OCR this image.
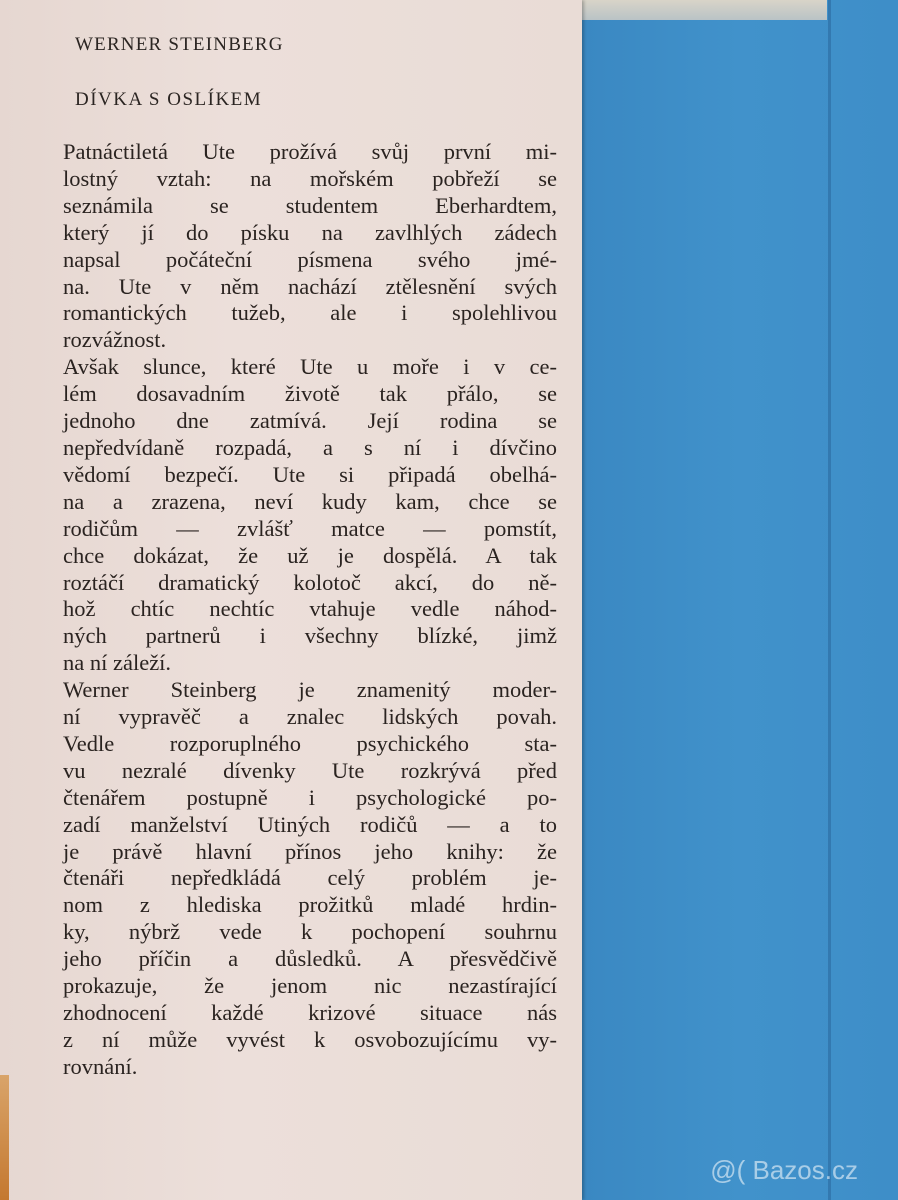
WERNER STEINBERG
DÍVKA S OSLÍKEM
Patnáctiletá Ute prožívá svůj první mi-
lostný vztah: na mořském pobřeží se
seznámila se studentem Eberhardtem,
který jí do písku na zavlhlých zádech
napsal počáteční písmena svého jmé-
na. Ute v něm nachází ztělesnění svých
romantických tužeb, ale i spolehlivou
rozvážnost.
Avšak slunce, které Ute u moře i v ce-
lém dosavadním životě tak přálo, se
jednoho dne zatmívá. Její rodina se
nepředvídaně rozpadá, a s ní i dívčino
vědomí bezpečí. Ute si připadá obelhá-
na a zrazena, neví kudy kam, chce se
rodičům — zvlášť matce — pomstít,
chce dokázat, že už je dospělá. A tak
roztáčí dramatický kolotoč akcí, do ně-
hož chtíc nechtíc vtahuje vedle náhod-
ných partnerů i všechny blízké, jimž
na ní záleží.
Werner Steinberg je znamenitý moder-
ní vypravěč a znalec lidských povah.
Vedle rozporuplného psychického sta-
vu nezralé dívenky Ute rozkrývá před
čtenářem postupně i psychologické po-
zadí manželství Utiných rodičů — a to
je právě hlavní přínos jeho knihy: že
čtenáři nepředkládá celý problém je-
nom z hlediska prožitků mladé hrdin-
ky, nýbrž vede k pochopení souhrnu
jeho příčin a důsledků. A přesvědčivě
prokazuje, že jenom nic nezastírající
zhodnocení každé krizové situace nás
z ní může vyvést k osvobozujícímu vy-
rovnání.
@( Bazos.cz
